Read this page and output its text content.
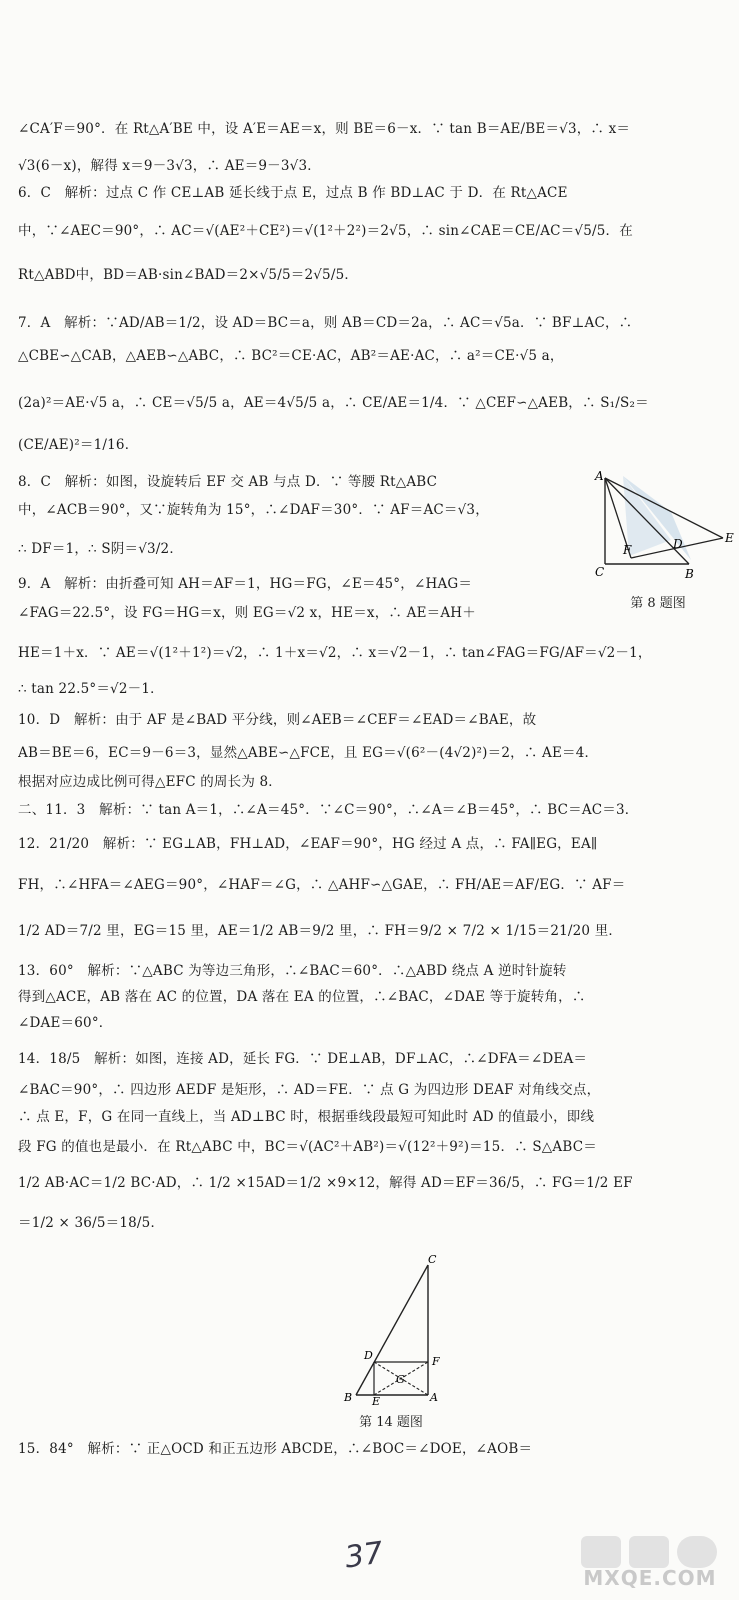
∠CA′F＝90°．在 Rt△A′BE 中，设 A′E＝AE＝x，则 BE＝6－x．∵ tan B＝AE/BE＝√3，∴ x＝
√3(6－x)，解得 x＝9－3√3，∴ AE＝9－3√3．
6．C　解析：过点 C 作 CE⊥AB 延长线于点 E，过点 B 作 BD⊥AC 于 D．在 Rt△ACE
中，∵∠AEC＝90°，∴ AC＝√(AE²＋CE²)＝√(1²＋2²)＝2√5，∴ sin∠CAE＝CE/AC＝√5/5．在
Rt△ABD中，BD＝AB·sin∠BAD＝2×√5/5＝2√5/5．
7．A　解析：∵AD/AB＝1/2，设 AD＝BC＝a，则 AB＝CD＝2a，∴ AC＝√5a．∵ BF⊥AC，∴
△CBE∽△CAB，△AEB∽△ABC，∴ BC²＝CE·AC，AB²＝AE·AC，∴ a²＝CE·√5 a，
(2a)²＝AE·√5 a，∴ CE＝√5/5 a，AE＝4√5/5 a，∴ CE/AE＝1/4．∵ △CEF∽△AEB，∴ S₁/S₂＝
(CE/AE)²＝1/16．
8．C　解析：如图，设旋转后 EF 交 AB 与点 D．∵ 等腰 Rt△ABC
中，∠ACB＝90°，又∵旋转角为 15°，∴∠DAF＝30°．∵ AF＝AC＝√3，
∴ DF＝1，∴ S阴＝√3/2．
9．A　解析：由折叠可知 AH＝AF＝1，HG＝FG，∠E＝45°，∠HAG＝
∠FAG＝22.5°，设 FG＝HG＝x，则 EG＝√2 x，HE＝x，∴ AE＝AH＋
HE＝1＋x．∵ AE＝√(1²＋1²)＝√2，∴ 1＋x＝√2，∴ x＝√2－1，∴ tan∠FAG＝FG/AF＝√2－1，
∴ tan 22.5°＝√2－1．
10．D　解析：由于 AF 是∠BAD 平分线，则∠AEB＝∠CEF＝∠EAD＝∠BAE，故
AB＝BE＝6，EC＝9－6＝3，显然△ABE∽△FCE，且 EG＝√(6²－(4√2)²)＝2，∴ AE＝4．
根据对应边成比例可得△EFC 的周长为 8．
二、11．3　解析：∵ tan A＝1，∴∠A＝45°．∵∠C＝90°，∴∠A＝∠B＝45°，∴ BC＝AC＝3．
12．21/20　解析：∵ EG⊥AB，FH⊥AD，∠EAF＝90°，HG 经过 A 点，∴ FA∥EG，EA∥
FH，∴∠HFA＝∠AEG＝90°，∠HAF＝∠G，∴ △AHF∽△GAE，∴ FH/AE＝AF/EG．∵ AF＝
1/2 AD＝7/2 里，EG＝15 里，AE＝1/2 AB＝9/2 里，∴ FH＝9/2 × 7/2 × 1/15＝21/20 里．
13．60°　解析：∵△ABC 为等边三角形，∴∠BAC＝60°．∴△ABD 绕点 A 逆时针旋转
得到△ACE，AB 落在 AC 的位置，DA 落在 EA 的位置，∴∠BAC，∠DAE 等于旋转角，∴
∠DAE＝60°．
14．18/5　解析：如图，连接 AD，延长 FG．∵ DE⊥AB，DF⊥AC，∴∠DFA＝∠DEA＝
∠BAC＝90°，∴ 四边形 AEDF 是矩形，∴ AD＝FE．∵ 点 G 为四边形 DEAF 对角线交点，
∴ 点 E，F，G 在同一直线上，当 AD⊥BC 时，根据垂线段最短可知此时 AD 的值最小，即线
段 FG 的值也是最小．在 Rt△ABC 中，BC＝√(AC²＋AB²)＝√(12²＋9²)＝15．∴ S△ABC＝
1/2 AB·AC＝1/2 BC·AD，∴ 1/2 ×15AD＝1/2 ×9×12，解得 AD＝EF＝36/5，∴ FG＝1/2 EF
＝1/2 × 36/5＝18/5．
15．84°　解析：∵ 正△OCD 和正五边形 ABCDE，∴∠BOC＝∠DOE，∠AOB＝
A
C	B
E
D
F
第 8 题图
C
D	F
G
B E	A
第 14 题图
37
MXQE.COM
